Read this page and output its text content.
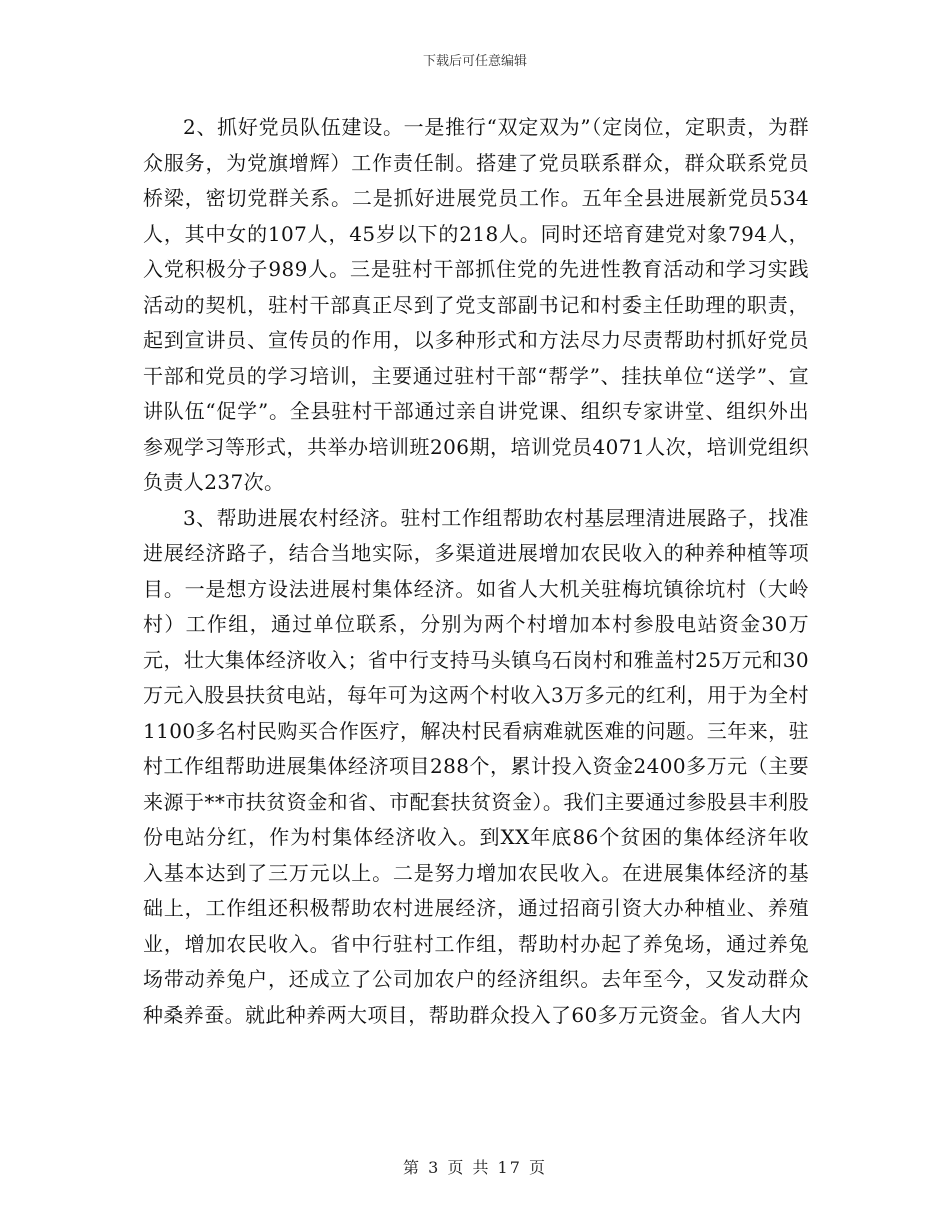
下载后可任意编辑

2、抓好党员队伍建设。一是推行“双定双为”（定岗位，定职责，为群众服务，为党旗增辉）工作责任制。搭建了党员联系群众，群众联系党员桥梁，密切党群关系。二是抓好进展党员工作。五年全县进展新党员534人，其中女的107人，45岁以下的218人。同时还培育建党对象794人，入党积极分子989人。三是驻村干部抓住党的先进性教育活动和学习实践活动的契机，驻村干部真正尽到了党支部副书记和村委主任助理的职责，起到宣讲员、宣传员的作用，以多种形式和方法尽力尽责帮助村抓好党员干部和党员的学习培训，主要通过驻村干部“帮学”、挂扶单位“送学”、宣讲队伍“促学”。全县驻村干部通过亲自讲党课、组织专家讲堂、组织外出参观学习等形式，共举办培训班206期，培训党员4071人次，培训党组织负责人237次。

3、帮助进展农村经济。驻村工作组帮助农村基层理清进展路子，找准进展经济路子，结合当地实际，多渠道进展增加农民收入的种养种植等项目。一是想方设法进展村集体经济。如省人大机关驻梅坑镇徐坑村（大岭村）工作组，通过单位联系，分别为两个村增加本村参股电站资金30万元，壮大集体经济收入；省中行支持马头镇乌石岗村和雅盖村25万元和30万元入股县扶贫电站，每年可为这两个村收入3万多元的红利，用于为全村1100多名村民购买合作医疗，解决村民看病难就医难的问题。三年来，驻村工作组帮助进展集体经济项目288个，累计投入资金2400多万元（主要来源于**市扶贫资金和省、市配套扶贫资金）。我们主要通过参股县丰利股份电站分红，作为村集体经济收入。到XX年底86个贫困的集体经济年收入基本达到了三万元以上。二是努力增加农民收入。在进展集体经济的基础上，工作组还积极帮助农村进展经济，通过招商引资大办种植业、养殖业，增加农民收入。省中行驻村工作组，帮助村办起了养兔场，通过养兔场带动养兔户，还成立了公司加农户的经济组织。去年至今，又发动群众种桑养蚕。就此种养两大项目，帮助群众投入了60多万元资金。省人大内

第 3 页 共 17 页
